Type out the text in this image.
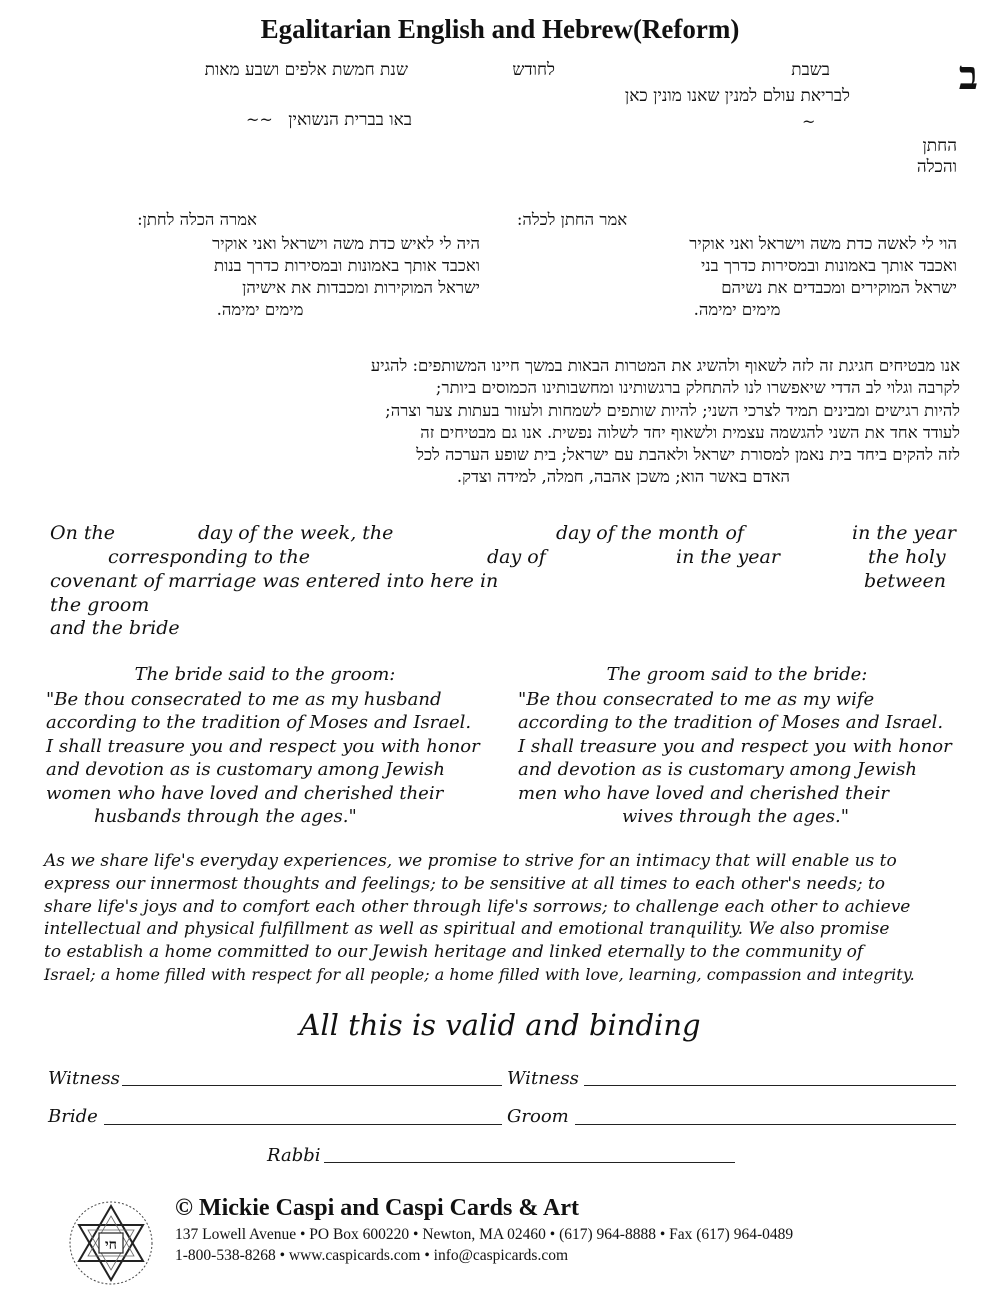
Egalitarian English and Hebrew(Reform)
ב
בשבת
לחודש
שנת חמשת אלפים ושבע מאות
לבריאת עולם למנין שאנו מונין כאן
~
באו בברית הנשואין
~~
החתן
והכלה
אמר החתן לכלה:
הוי לי לאשה כדת משה וישראל ואני אוקיר
ואכבד אותך באמונות ובמסירות כדרך בני
ישראל המוקירים ומכבדים את נשיהם
מימים ימימה.
אמרה הכלה לחתן:
היה לי לאיש כדת משה וישראל ואני אוקיר
ואכבד אותך באמונות ובמסירות כדרך בנות
ישראל המוקירות ומכבדות את אישיהן
מימים ימימה.
אנו מבטיחים חגיגת זה לזה לשאוף ולהשיג את המטרות הבאות במשך חיינו המשותפים: להגיע
לקרבה וגלוי לב הדדי שיאפשרו לנו להתחלק ברגשותינו ומחשבותינו הכמוסים ביותר;
להיות רגישים ומבינים תמיד לצרכי השני; להיות שותפים לשמחות ולעזור בעתות צער וצרה;
לעודד אחד את השני להגשמה עצמית ולשאוף יחד לשלוה נפשית. אנו גם מבטיחים זה
לזה להקים ביחד בית נאמן למסורת ישראל ולאהבת עם ישראל; בית שופע הערכה לכל
האדם באשר הוא; משכן אהבה, חמלה, למידה וצדק.
On the	day of the week, the	day of the month of	in the year
corresponding to the	day of	in the year	the holy
covenant of marriage was entered into here in	between
the groom
and the bride
The bride said to the groom:
"Be thou consecrated to me as my husband
according to the tradition of Moses and Israel.
I shall treasure you and respect you with honor
and devotion as is customary among Jewish
women who have loved and cherished their
husbands through the ages."
The groom said to the bride:
"Be thou consecrated to me as my wife
according to the tradition of Moses and Israel.
I shall treasure you and respect you with honor
and devotion as is customary among Jewish
men who have loved and cherished their
wives through the ages."
As we share life's everyday experiences, we promise to strive for an intimacy that will enable us to
express our innermost thoughts and feelings; to be sensitive at all times to each other's needs; to
share life's joys and to comfort each other through life's sorrows; to challenge each other to achieve
intellectual and physical fulfillment as well as spiritual and emotional tranquility. We also promise
to establish a home committed to our Jewish heritage and linked eternally to the community of
Israel; a home filled with respect for all people; a home filled with love, learning, compassion and integrity.
All this is valid and binding
Witness	Witness
Bride	Groom
Rabbi
חי
© Mickie Caspi and Caspi Cards & Art
137 Lowell Avenue • PO Box 600220 • Newton, MA 02460 • (617) 964-8888 • Fax (617) 964-0489
1-800-538-8268 • www.caspicards.com • info@caspicards.com
